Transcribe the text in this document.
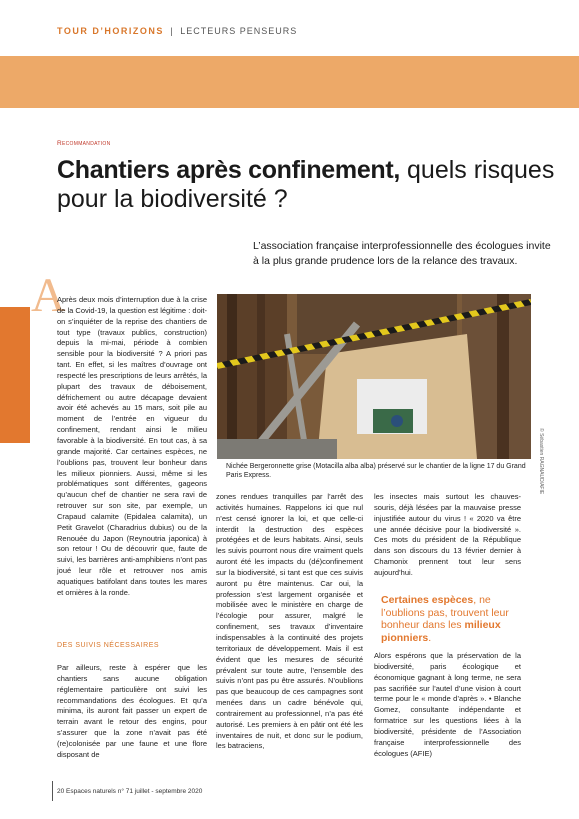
TOUR D’HORIZONS | LECTEURS PENSEURS
Recommandation
Chantiers après confinement, quels risques pour la biodiversité ?
L’association française interprofessionnelle des écologues invite à la plus grande prudence lors de la relance des travaux.
A

Après deux mois d’interruption due à la crise de la Covid-19, la question est légitime : doit-on s’inquiéter de la reprise des chantiers de tout type (travaux publics, construction) depuis la mi-mai, période à combien sensible pour la biodiversité ? A priori pas tant. En effet, si les maîtres d’ouvrage ont respecté les prescriptions de leurs arrêtés, la plupart des travaux de déboisement, défrichement ou autre décapage devaient avoir été achevés au 15 mars, soit pile au moment de l’entrée en vigueur du confinement, rendant ainsi le milieu favorable à la biodiversité. En tout cas, à sa grande majorité. Car certaines espèces, ne l’oublions pas, trouvent leur bonheur dans les milieux pionniers. Aussi, même si les problématiques sont différentes, gageons qu’aucun chef de chantier ne sera ravi de retrouver sur son site, par exemple, un Crapaud calamite (Epidalea calamita), un Petit Gravelot (Charadrius dubius) ou de la Renouée du Japon (Reynoutria japonica) à son retour ! Ou de découvrir que, faute de suivi, les barrières anti-amphibiens n’ont pas joué leur rôle et retrouver nos amis aquatiques batifolant dans toutes les mares et ornières à la ronde.

DES SUIVIS NÉCESSAIRES

Par ailleurs, reste à espérer que les chantiers sans aucune obligation réglementaire particulière ont suivi les recommandations des écologues. Et qu’a minima, ils auront fait passer un expert de terrain avant le retour des engins, pour s’assurer que la zone n’avait pas été (re)colonisée par une faune et une flore disposant de

© Sébastien RAGNAUD/AFIE
Nichée Bergeronnette grise (Motacilla alba alba) préservé sur le chantier de la ligne 17 du Grand Paris Express.

zones rendues tranquilles par l’arrêt des activités humaines. Rappelons ici que nul n’est censé ignorer la loi, et que celle-ci interdit la destruction des espèces protégées et de leurs habitats. Ainsi, seuls les suivis pourront nous dire vraiment quels auront été les impacts du (dé)confinement sur la biodiversité, si tant est que ces suivis auront pu être maintenus. Car oui, la profession s’est largement organisée et mobilisée avec le ministère en charge de l’écologie pour assurer, malgré le confinement, ses travaux d’inventaire indispensables à la continuité des projets territoriaux de développement. Mais il est évident que les mesures de sécurité prévalent sur toute autre, l’ensemble des suivis n’ont pas pu être assurés. N’oublions pas que beaucoup de ces campagnes sont menées dans un cadre bénévole qui, contrairement au professionnel, n’a pas été autorisé. Les premiers à en pâtir ont été les inventaires de nuit, et donc sur le podium, les batraciens,

les insectes mais surtout les chauves-souris, déjà lésées par la mauvaise presse injustifiée autour du virus ! « 2020 va être une année décisive pour la biodiversité ». Ces mots du président de la République dans son discours du 13 février dernier à Chamonix prennent tout leur sens aujourd’hui.

Certaines espèces, ne l’oublions pas, trouvent leur bonheur dans les milieux pionniers.

Alors espérons que la préservation de la biodiversité, paris écologique et économique gagnant à long terme, ne sera pas sacrifiée sur l’autel d’une vision à court terme pour le « monde d’après ». • Blanche Gomez, consultante indépendante et formatrice sur les questions liées à la biodiversité, présidente de l’Association française interprofessionnelle des écologues (AFIE)

20 Espaces naturels n° 71 juillet - septembre 2020
